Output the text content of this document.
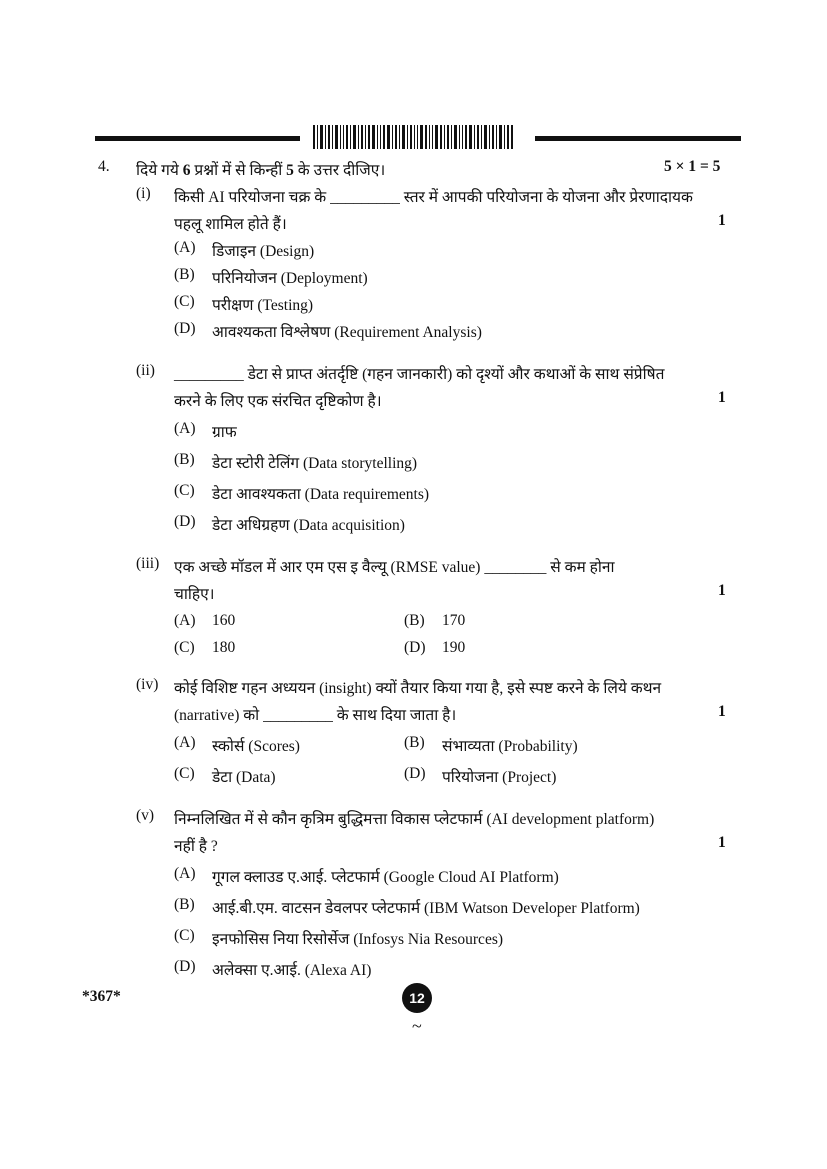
4. दिये गये 6 प्रश्नों में से किन्हीं 5 के उत्तर दीजिए।	5 × 1 = 5
(i) किसी AI परियोजना चक्र के _________ स्तर में आपकी परियोजना के योजना और प्रेरणादायक
पहलू शामिल होते हैं।	1
(A) डिजाइन (Design)
(B) परिनियोजन (Deployment)
(C) परीक्षण (Testing)
(D) आवश्यकता विश्लेषण (Requirement Analysis)
(ii) _________ डेटा से प्राप्त अंतर्दृष्टि (गहन जानकारी) को दृश्यों और कथाओं के साथ संप्रेषित
करने के लिए एक संरचित दृष्टिकोण है।	1
(A) ग्राफ
(B) डेटा स्टोरी टेलिंग (Data storytelling)
(C) डेटा आवश्यकता (Data requirements)
(D) डेटा अधिग्रहण (Data acquisition)
(iii) एक अच्छे मॉडल में आर एम एस इ वैल्यू (RMSE value) ________ से कम होना
चाहिए।	1
(A) 160	(B) 170
(C) 180	(D) 190
(iv) कोई विशिष्ट गहन अध्ययन (insight) क्यों तैयार किया गया है, इसे स्पष्ट करने के लिये कथन
(narrative) को _________ के साथ दिया जाता है।	1
(A) स्कोर्स (Scores)	(B) संभाव्यता (Probability)
(C) डेटा (Data)	(D) परियोजना (Project)
(v) निम्नलिखित में से कौन कृत्रिम बुद्धिमत्ता विकास प्लेटफार्म (AI development platform)
नहीं है ?	1
(A) गूगल क्लाउड ए.आई. प्लेटफार्म (Google Cloud AI Platform)
(B) आई.बी.एम. वाटसन डेवलपर प्लेटफार्म (IBM Watson Developer Platform)
(C) इनफोसिस निया रिसोर्सेज (Infosys Nia Resources)
(D) अलेक्सा ए.आई. (Alexa AI)
*367*	12
~
